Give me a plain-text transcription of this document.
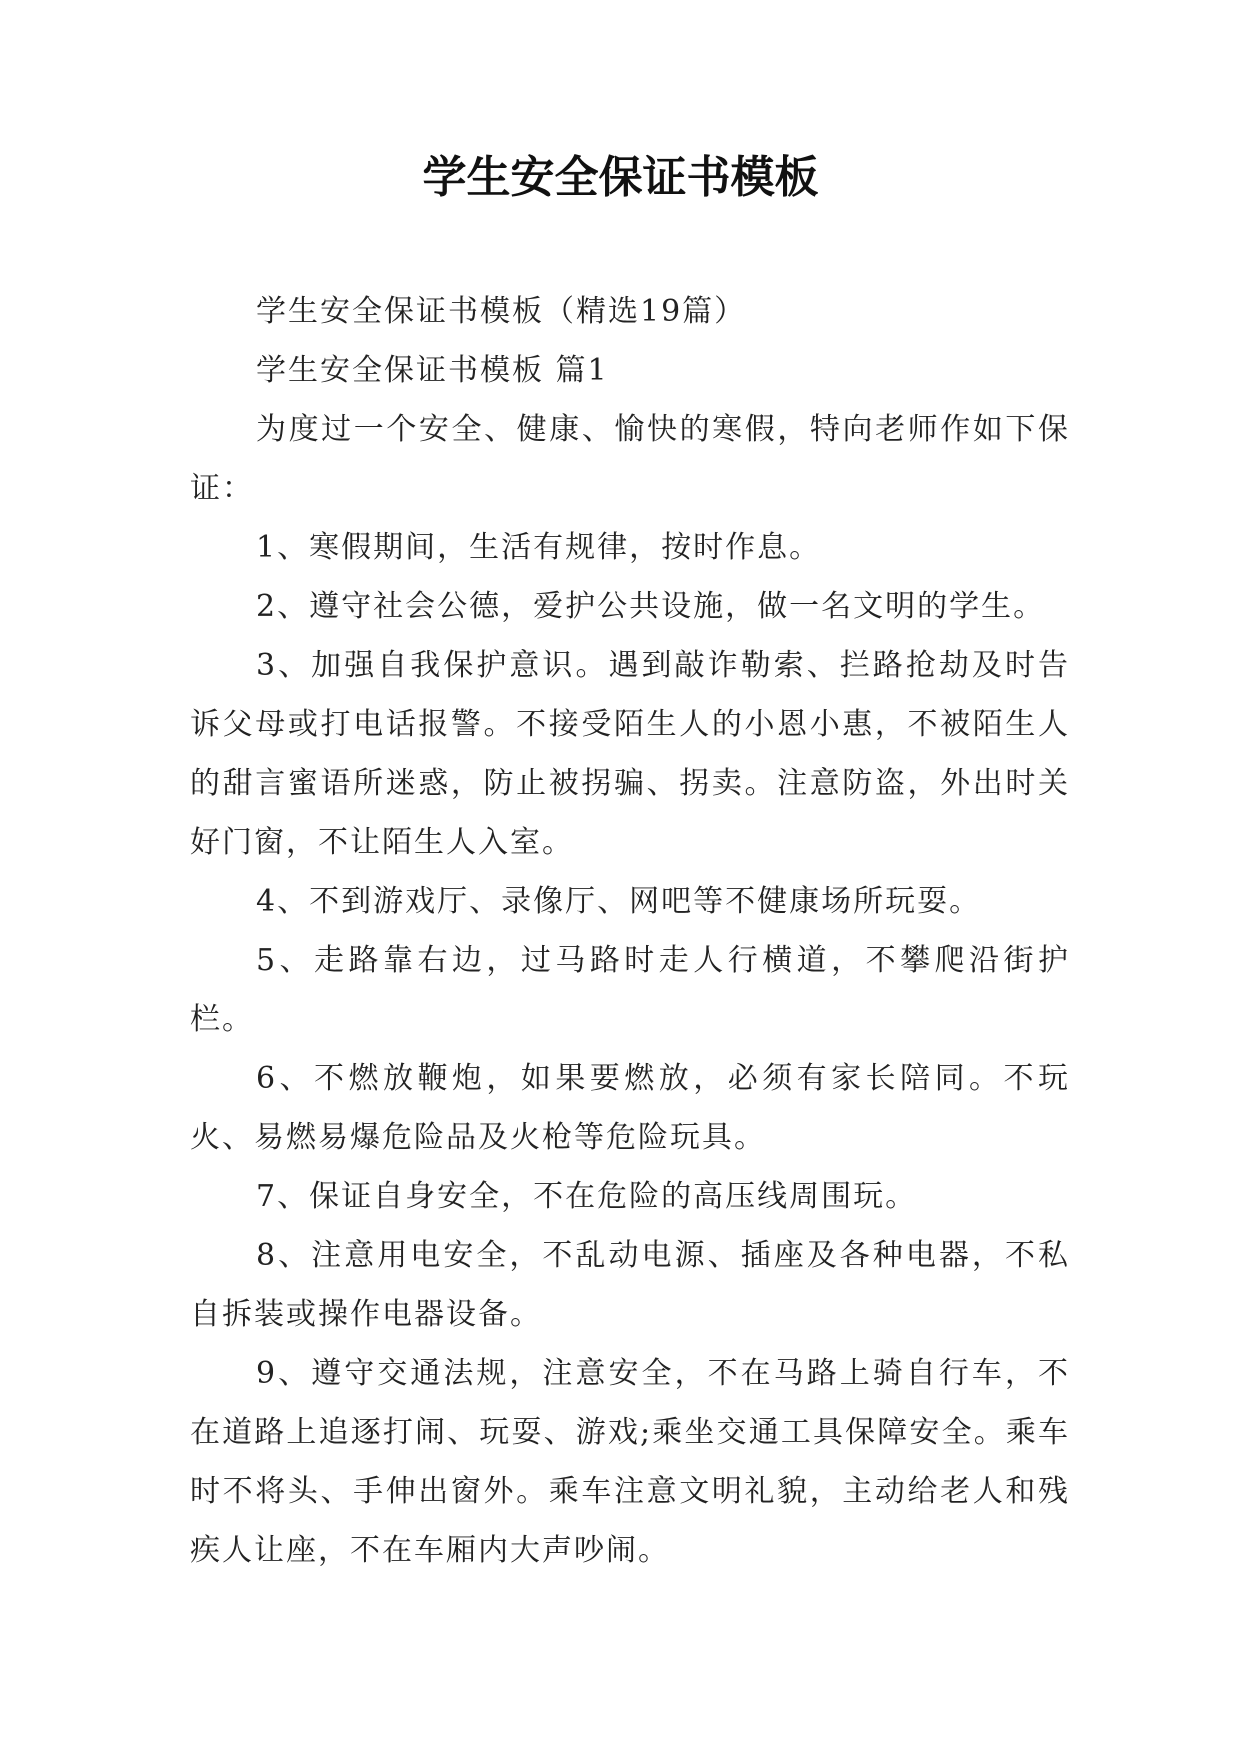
学生安全保证书模板

学生安全保证书模板（精选19篇）

学生安全保证书模板 篇1

为度过一个安全、健康、愉快的寒假，特向老师作如下保证：

1、寒假期间，生活有规律，按时作息。

2、遵守社会公德，爱护公共设施，做一名文明的学生。

3、加强自我保护意识。遇到敲诈勒索、拦路抢劫及时告诉父母或打电话报警。不接受陌生人的小恩小惠，不被陌生人的甜言蜜语所迷惑，防止被拐骗、拐卖。注意防盗，外出时关好门窗，不让陌生人入室。

4、不到游戏厅、录像厅、网吧等不健康场所玩耍。

5、走路靠右边，过马路时走人行横道，不攀爬沿街护栏。

6、不燃放鞭炮，如果要燃放，必须有家长陪同。不玩火、易燃易爆危险品及火枪等危险玩具。

7、保证自身安全，不在危险的高压线周围玩。

8、注意用电安全，不乱动电源、插座及各种电器，不私自拆装或操作电器设备。

9、遵守交通法规，注意安全，不在马路上骑自行车，不在道路上追逐打闹、玩耍、游戏;乘坐交通工具保障安全。乘车时不将头、手伸出窗外。乘车注意文明礼貌，主动给老人和残疾人让座，不在车厢内大声吵闹。
